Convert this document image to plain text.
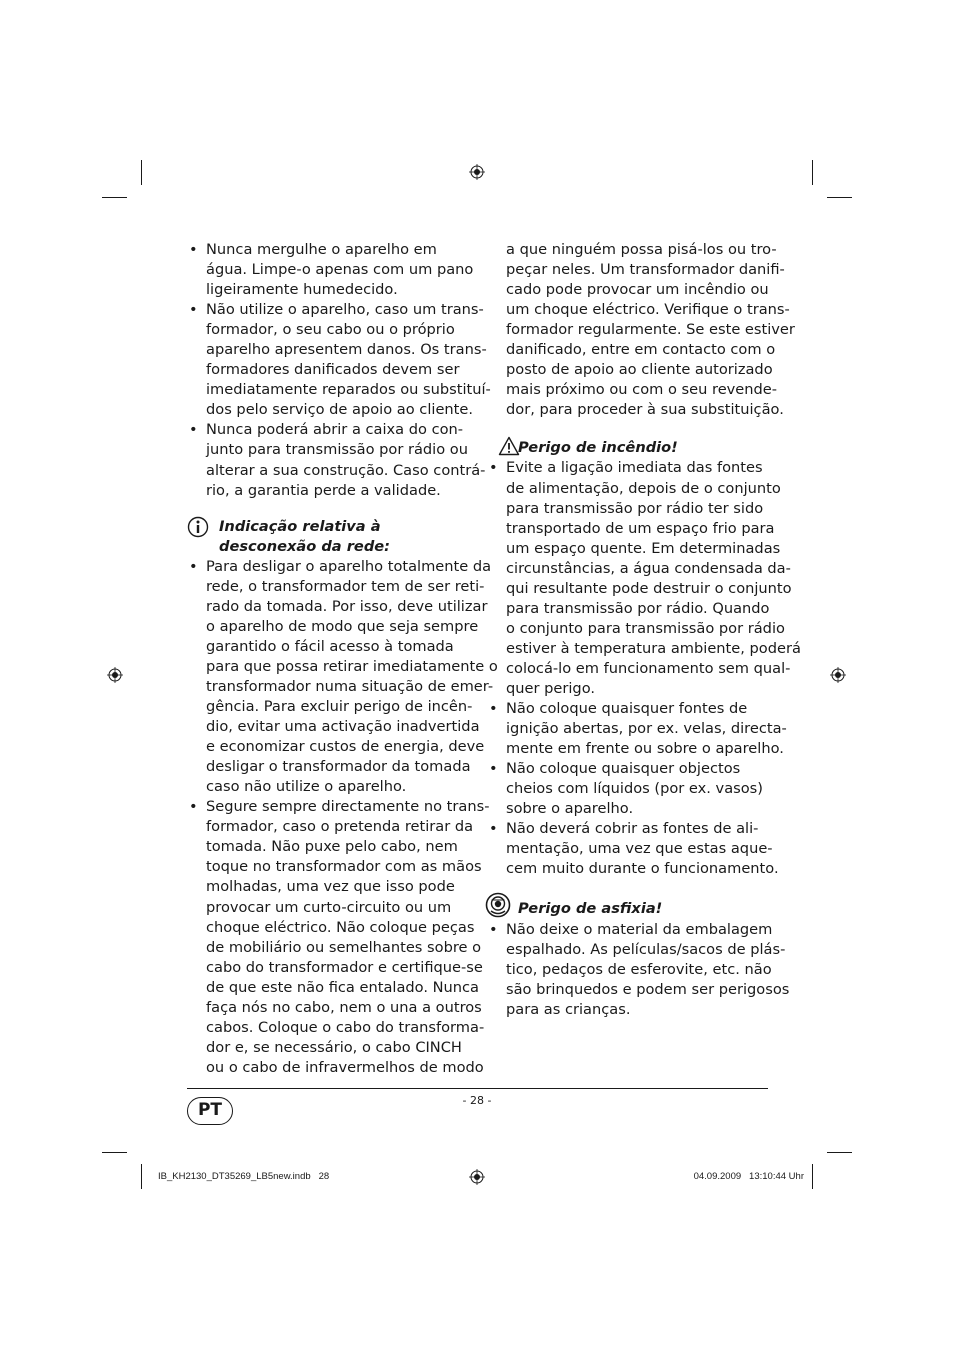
• Nunca mergulhe o aparelho em
água. Limpe-o apenas com um pano
ligeiramente humedecido.
• Não utilize o aparelho, caso um trans-
formador, o seu cabo ou o próprio
aparelho apresentem danos. Os trans-
formadores danificados devem ser
imediatamente reparados ou substituí-
dos pelo serviço de apoio ao cliente.
• Nunca poderá abrir a caixa do con-
junto para transmissão por rádio ou
alterar a sua construção. Caso contrá-
rio, a garantia perde a validade.
Indicação relativa à
desconexão da rede:
• Para desligar o aparelho totalmente da
rede, o transformador tem de ser reti-
rado da tomada. Por isso, deve utilizar
o aparelho de modo que seja sempre
garantido o fácil acesso à tomada
para que possa retirar imediatamente o
transformador numa situação de emer-
gência. Para excluir perigo de incên-
dio, evitar uma activação inadvertida
e economizar custos de energia, deve
desligar o transformador da tomada
caso não utilize o aparelho.
• Segure sempre directamente no trans-
formador, caso o pretenda retirar da
tomada. Não puxe pelo cabo, nem
toque no transformador com as mãos
molhadas, uma vez que isso pode
provocar um curto-circuito ou um
choque eléctrico. Não coloque peças
de mobiliário ou semelhantes sobre o
cabo do transformador e certifique-se
de que este não fica entalado. Nunca
faça nós no cabo, nem o una a outros
cabos. Coloque o cabo do transforma-
dor e, se necessário, o cabo CINCH
ou o cabo de infravermelhos de modo
a que ninguém possa pisá-los ou tro-
peçar neles. Um transformador danifi-
cado pode provocar um incêndio ou
um choque eléctrico. Verifique o trans-
formador regularmente. Se este estiver
danificado, entre em contacto com o
posto de apoio ao cliente autorizado
mais próximo ou com o seu revende-
dor, para proceder à sua substituição.
Perigo de incêndio!
• Evite a ligação imediata das fontes
de alimentação, depois de o conjunto
para transmissão por rádio ter sido
transportado de um espaço frio para
um espaço quente. Em determinadas
circunstâncias, a água condensada da-
qui resultante pode destruir o conjunto
para transmissão por rádio. Quando
o conjunto para transmissão por rádio
estiver à temperatura ambiente, poderá
colocá-lo em funcionamento sem qual-
quer perigo.
• Não coloque quaisquer fontes de
ignição abertas, por ex. velas, directa-
mente em frente ou sobre o aparelho.
• Não coloque quaisquer objectos
cheios com líquidos (por ex. vasos)
sobre o aparelho.
• Não deverá cobrir as fontes de ali-
mentação, uma vez que estas aque-
cem muito durante o funcionamento.
Perigo de asfixia!
• Não deixe o material da embalagem
espalhado. As películas/sacos de plás-
tico, pedaços de esferovite, etc. não
são brinquedos e podem ser perigosos
para as crianças.
- 28 -
PT
IB_KH2130_DT35269_LB5new.indb   28	04.09.2009   13:10:44 Uhr
